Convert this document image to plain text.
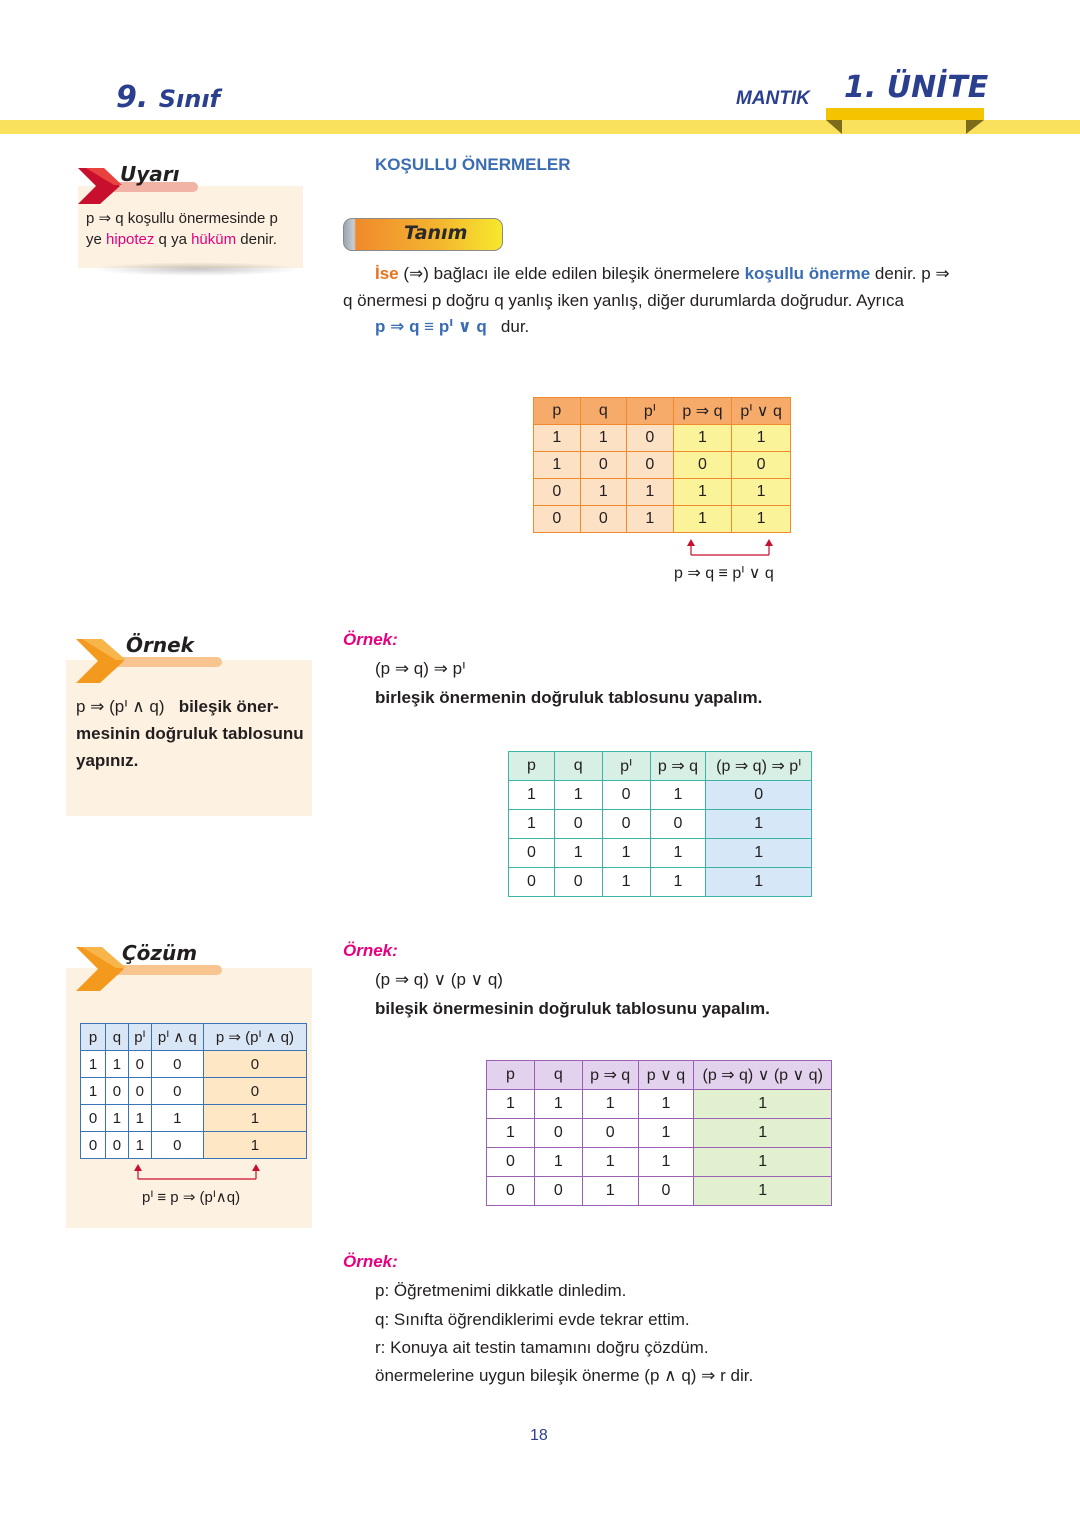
9. Sınıf	MANTIK 1. ÜNİTE
Uyarı
p ⇒ q koşullu önermesinde p
ye hipotez q ya hüküm denir.
KOŞULLU ÖNERMELER
Tanım
İse (⇒) bağlacı ile elde edilen bileşik önermelere koşullu önerme denir. p ⇒
q önermesi p doğru q yanlış iken yanlış, diğer durumlarda doğrudur. Ayrıca
p ⇒ q ≡ pᑊ ∨ q dur.
p	q	pᑊ	p ⇒ q	pᑊ ∨ q
1	1	0	1	1
1	0	0	0	0
0	1	1	1	1
0	0	1	1	1
p ⇒ q ≡ pᑊ ∨ q
Örnek
p ⇒ (pᑊ ∧ q) bileşik öner-
mesinin doğruluk tablosunu
yapınız.
Örnek:
(p ⇒ q) ⇒ pᑊ
birleşik önermenin doğruluk tablosunu yapalım.
p	q	pᑊ	p ⇒ q	(p ⇒ q) ⇒ pᑊ
1	1	0	1	0
1	0	0	0	1
0	1	1	1	1
0	0	1	1	1
Çözüm
p	q	pᑊ	pᑊ ∧ q	p ⇒ (pᑊ ∧ q)
1	1	0	0	0
1	0	0	0	0
0	1	1	1	1
0	0	1	0	1
pᑊ ≡ p ⇒ (pᑊ∧q)
Örnek:
(p ⇒ q) ∨ (p ∨ q)
bileşik önermesinin doğruluk tablosunu yapalım.
p	q	p ⇒ q	p ∨ q	(p ⇒ q) ∨ (p ∨ q)
1	1	1	1	1
1	0	0	1	1
0	1	1	1	1
0	0	1	0	1
Örnek:
p: Öğretmenimi dikkatle dinledim.
q: Sınıfta öğrendiklerimi evde tekrar ettim.
r: Konuya ait testin tamamını doğru çözdüm.
önermelerine uygun bileşik önerme (p ∧ q) ⇒ r dir.
18
